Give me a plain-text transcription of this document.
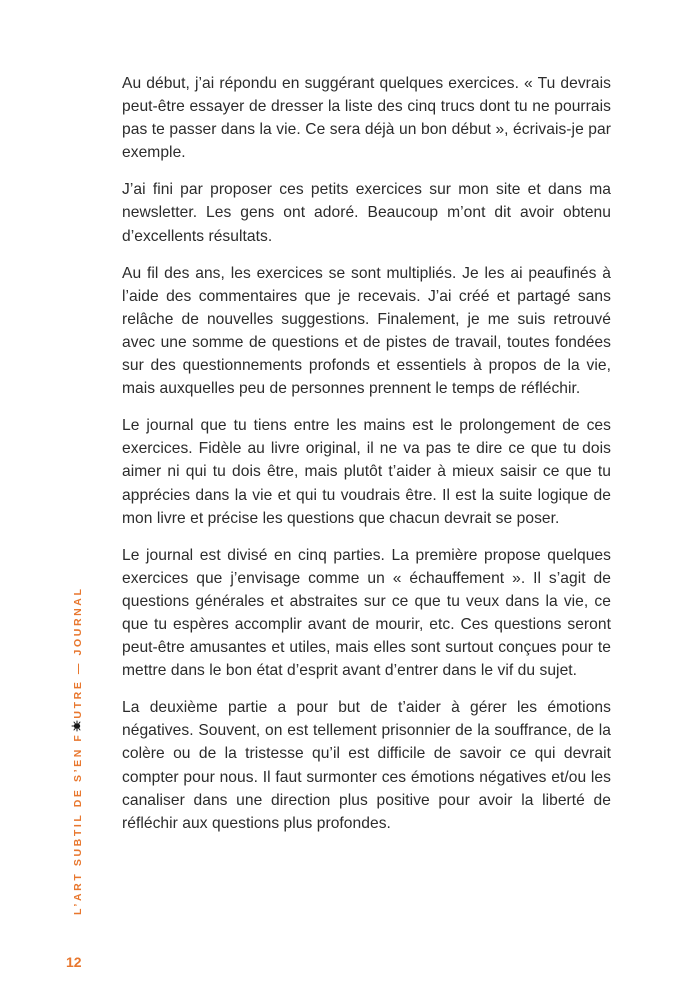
Au début, j’ai répondu en suggérant quelques exercices. « Tu devrais peut-être essayer de dresser la liste des cinq trucs dont tu ne pourrais pas te passer dans la vie. Ce sera déjà un bon début », écrivais-je par exemple.

J’ai fini par proposer ces petits exercices sur mon site et dans ma newsletter. Les gens ont adoré. Beaucoup m’ont dit avoir obtenu d’excellents résultats.

Au fil des ans, les exercices se sont multipliés. Je les ai peaufinés à l’aide des commentaires que je recevais. J’ai créé et partagé sans relâche de nouvelles suggestions. Finalement, je me suis retrouvé avec une somme de questions et de pistes de travail, toutes fondées sur des questionnements profonds et essentiels à propos de la vie, mais auxquelles peu de personnes prennent le temps de réfléchir.

Le journal que tu tiens entre les mains est le prolongement de ces exercices. Fidèle au livre original, il ne va pas te dire ce que tu dois aimer ni qui tu dois être, mais plutôt t’aider à mieux saisir ce que tu apprécies dans la vie et qui tu voudrais être. Il est la suite logique de mon livre et précise les questions que chacun devrait se poser.

Le journal est divisé en cinq parties. La première propose quelques exercices que j’envisage comme un « échauffement ». Il s’agit de questions générales et abstraites sur ce que tu veux dans la vie, ce que tu espères accomplir avant de mourir, etc. Ces questions seront peut-être amusantes et utiles, mais elles sont surtout conçues pour te mettre dans le bon état d’esprit avant d’entrer dans le vif du sujet.

La deuxième partie a pour but de t’aider à gérer les émotions négatives. Souvent, on est tellement prisonnier de la souffrance, de la colère ou de la tristesse qu’il est difficile de savoir ce qui devrait compter pour nous. Il faut surmonter ces émotions négatives et/ou les canaliser dans une direction plus positive pour avoir la liberté de réfléchir aux questions plus profondes.

L’ART SUBTIL DE S’EN FUTRE — JOURNAL
12
